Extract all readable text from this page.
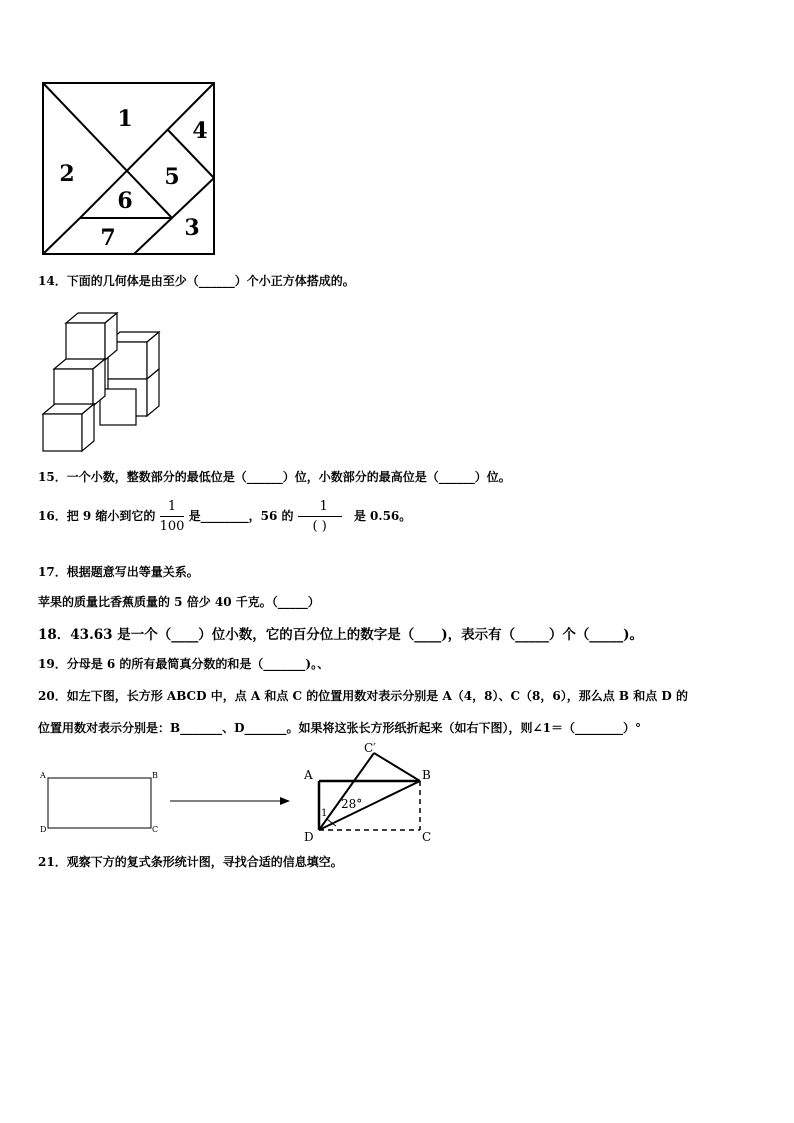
1
2
3
4
5
6
7
14．下面的几何体是由至少（______）个小正方体搭成的。
15．一个小数，整数部分的最低位是（______）位，小数部分的最高位是（______）位。
16．把 9 缩小到它的 $\frac{1}{100}$ 是________，56 的 $\frac{1}{( )}$ 是 0.56。
17．根据题意写出等量关系。
苹果的质量比香蕉质量的 5 倍少 40 千克。（_____）
18．43.63 是一个（____）位小数，它的百分位上的数字是（____)，表示有（_____）个（_____)。
19．分母是 6 的所有最简真分数的和是（_______)。、
20．如左下图，长方形 ABCD 中，点 A 和点 C 的位置用数对表示分别是 A（4，8）、C（8，6），那么点 B 和点 D 的
位置用数对表示分别是：B_______、D_______。如果将这张长方形纸折起来（如右下图），则∠1＝（________）°
A	B
D	C
A	B
D	C
C′
1
28°
21．观察下方的复式条形统计图，寻找合适的信息填空。
